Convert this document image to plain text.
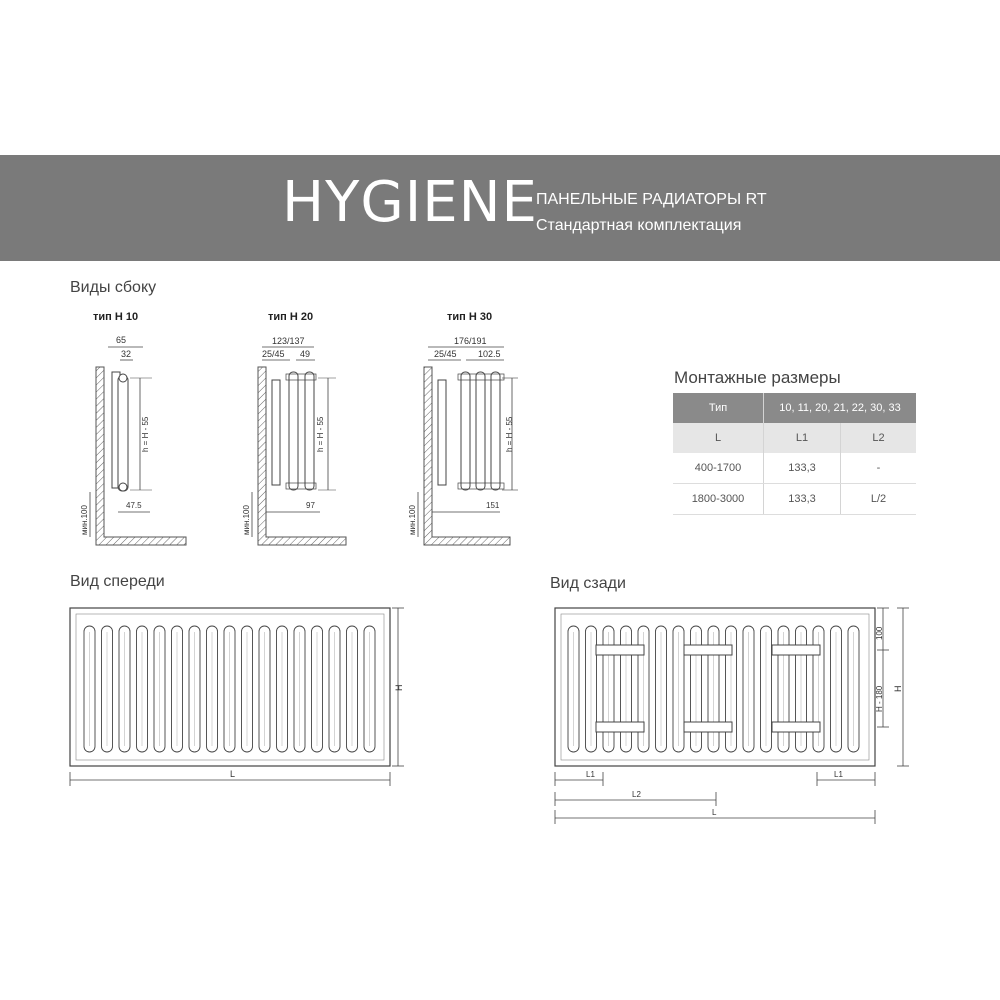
HYGIENE
ПАНЕЛЬНЫЕ РАДИАТОРЫ RT
Стандартная комплектация
Виды сбоку
тип H 10	тип H 20	тип H 30
65
32
47.5
h = H - 55
мин.100
123/137
25/45 49
97
h = H - 55
мин.100
176/191
25/45 102.5
151
h = H - 55
мин.100
H
L
100
H - 180 H
L1	L1
L2
L
Монтажные размеры
Тип	10, 11, 20, 21, 22, 30, 33	
L	L1	L2
400-1700	133,3	-
1800-3000	133,3	L/2
Вид спереди	Вид сзади
